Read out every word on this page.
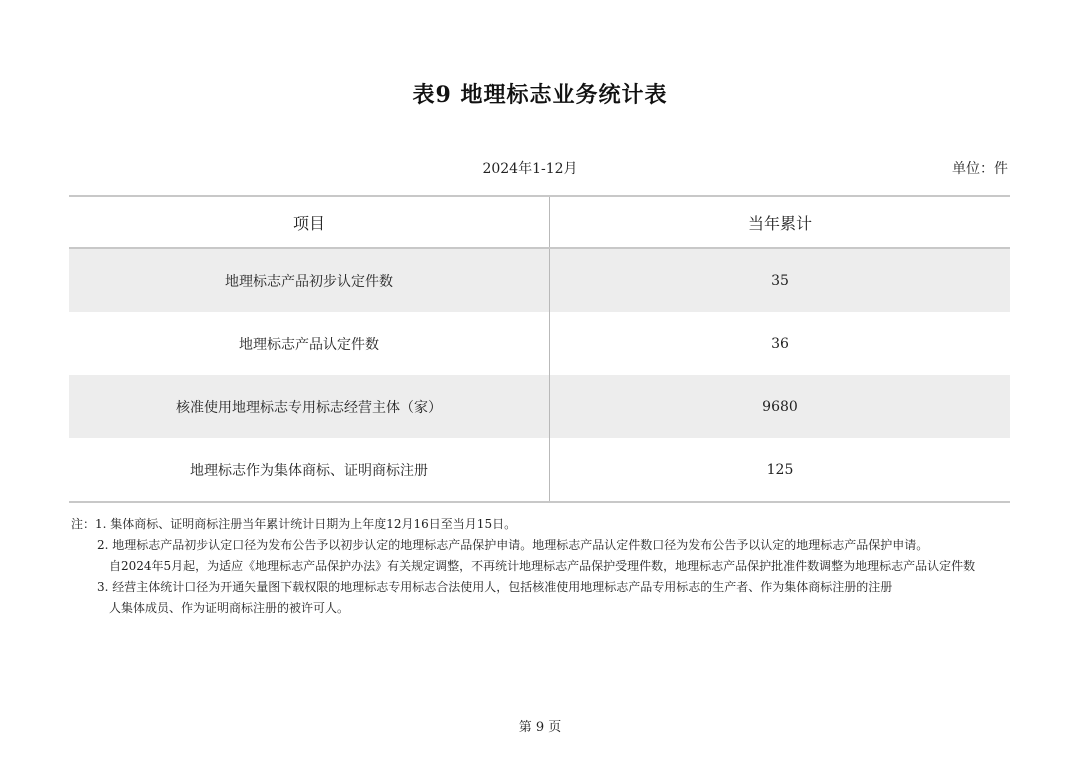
表9 地理标志业务统计表
2024年1-12月	单位：件
项目	当年累计
地理标志产品初步认定件数	35
地理标志产品认定件数	36
核准使用地理标志专用标志经营主体（家）	9680
地理标志作为集体商标、证明商标注册	125
注：1. 集体商标、证明商标注册当年累计统计日期为上年度12月16日至当月15日。
2. 地理标志产品初步认定口径为发布公告予以初步认定的地理标志产品保护申请。地理标志产品认定件数口径为发布公告予以认定的地理标志产品保护申请。
自2024年5月起，为适应《地理标志产品保护办法》有关规定调整，不再统计地理标志产品保护受理件数，地理标志产品保护批准件数调整为地理标志产品认定件数
3. 经营主体统计口径为开通矢量图下载权限的地理标志专用标志合法使用人，包括核准使用地理标志产品专用标志的生产者、作为集体商标注册的注册
人集体成员、作为证明商标注册的被许可人。
第 9 页
